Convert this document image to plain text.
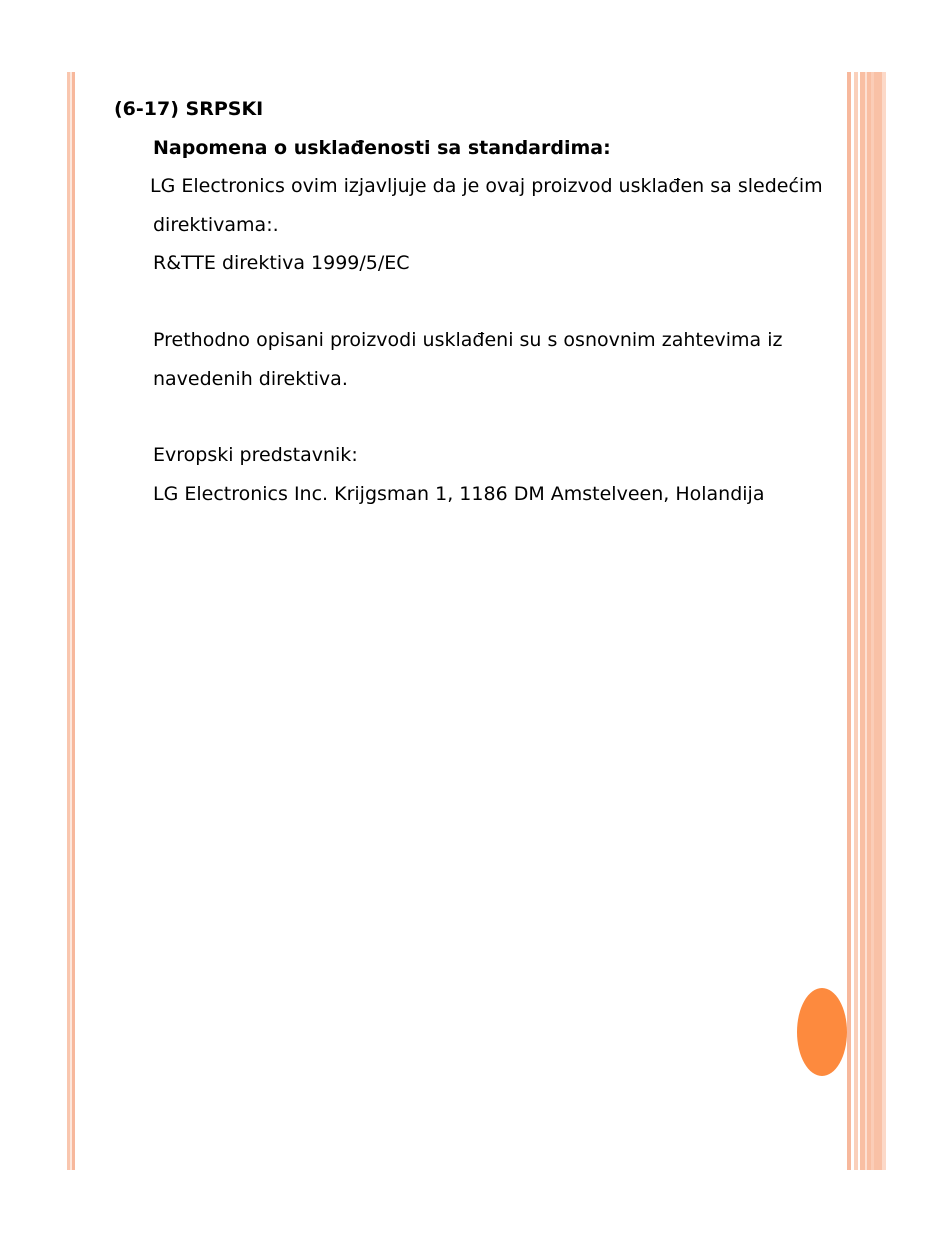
(6-17) SRPSKI
Napomena o usklađenosti sa standardima:
LG Electronics ovim izjavljuje da je ovaj proizvod usklađen sa sledećim
direktivama:.
R&TTE direktiva 1999/5/EC
Prethodno opisani proizvodi usklađeni su s osnovnim zahtevima iz
navedenih direktiva.
Evropski predstavnik:
LG Electronics Inc. Krijgsman 1, 1186 DM Amstelveen, Holandija
